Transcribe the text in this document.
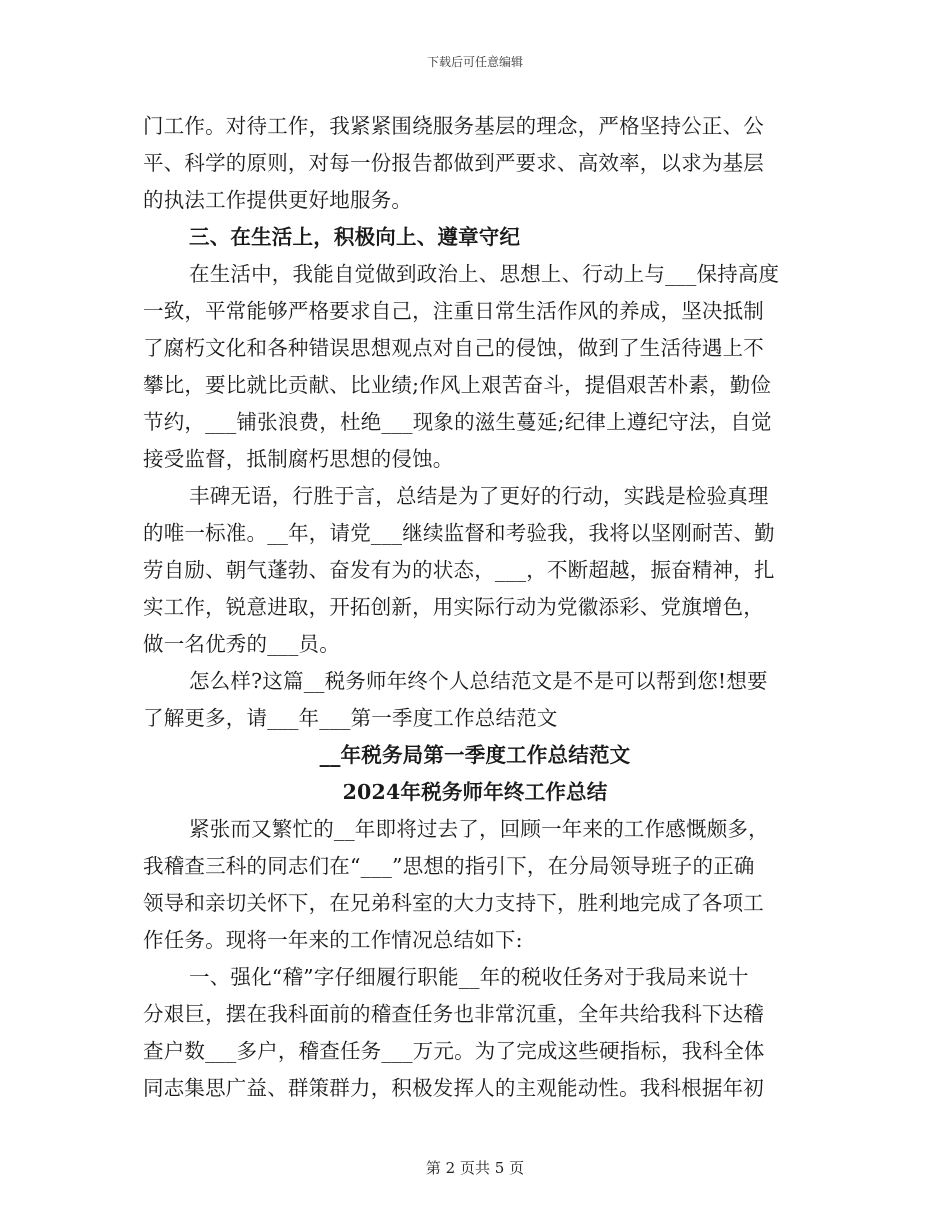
下载后可任意编辑
门工作。对待工作，我紧紧围绕服务基层的理念，严格坚持公正、公
平、科学的原则，对每一份报告都做到严要求、高效率，以求为基层
的执法工作提供更好地服务。
三、在生活上，积极向上、遵章守纪
在生活中，我能自觉做到政治上、思想上、行动上与___保持高度
一致，平常能够严格要求自己，注重日常生活作风的养成，坚决抵制
了腐朽文化和各种错误思想观点对自己的侵蚀，做到了生活待遇上不
攀比，要比就比贡献、比业绩;作风上艰苦奋斗，提倡艰苦朴素，勤俭
节约，___铺张浪费，杜绝___现象的滋生蔓延;纪律上遵纪守法，自觉
接受监督，抵制腐朽思想的侵蚀。
丰碑无语，行胜于言，总结是为了更好的行动，实践是检验真理
的唯一标准。__年，请党___继续监督和考验我，我将以坚刚耐苦、勤
劳自励、朝气蓬勃、奋发有为的状态，___，不断超越，振奋精神，扎
实工作，锐意进取，开拓创新，用实际行动为党徽添彩、党旗增色，
做一名优秀的___员。
怎么样?这篇__税务师年终个人总结范文是不是可以帮到您!想要
了解更多，请___年___第一季度工作总结范文
__年税务局第一季度工作总结范文
2024年税务师年终工作总结
紧张而又繁忙的__年即将过去了，回顾一年来的工作感慨颇多，
我稽查三科的同志们在“___”思想的指引下，在分局领导班子的正确
领导和亲切关怀下，在兄弟科室的大力支持下，胜利地完成了各项工
作任务。现将一年来的工作情况总结如下:
一、强化“稽”字仔细履行职能__年的税收任务对于我局来说十
分艰巨，摆在我科面前的稽查任务也非常沉重，全年共给我科下达稽
查户数___多户，稽查任务___万元。为了完成这些硬指标，我科全体
同志集思广益、群策群力，积极发挥人的主观能动性。我科根据年初
第 2 页共 5 页
